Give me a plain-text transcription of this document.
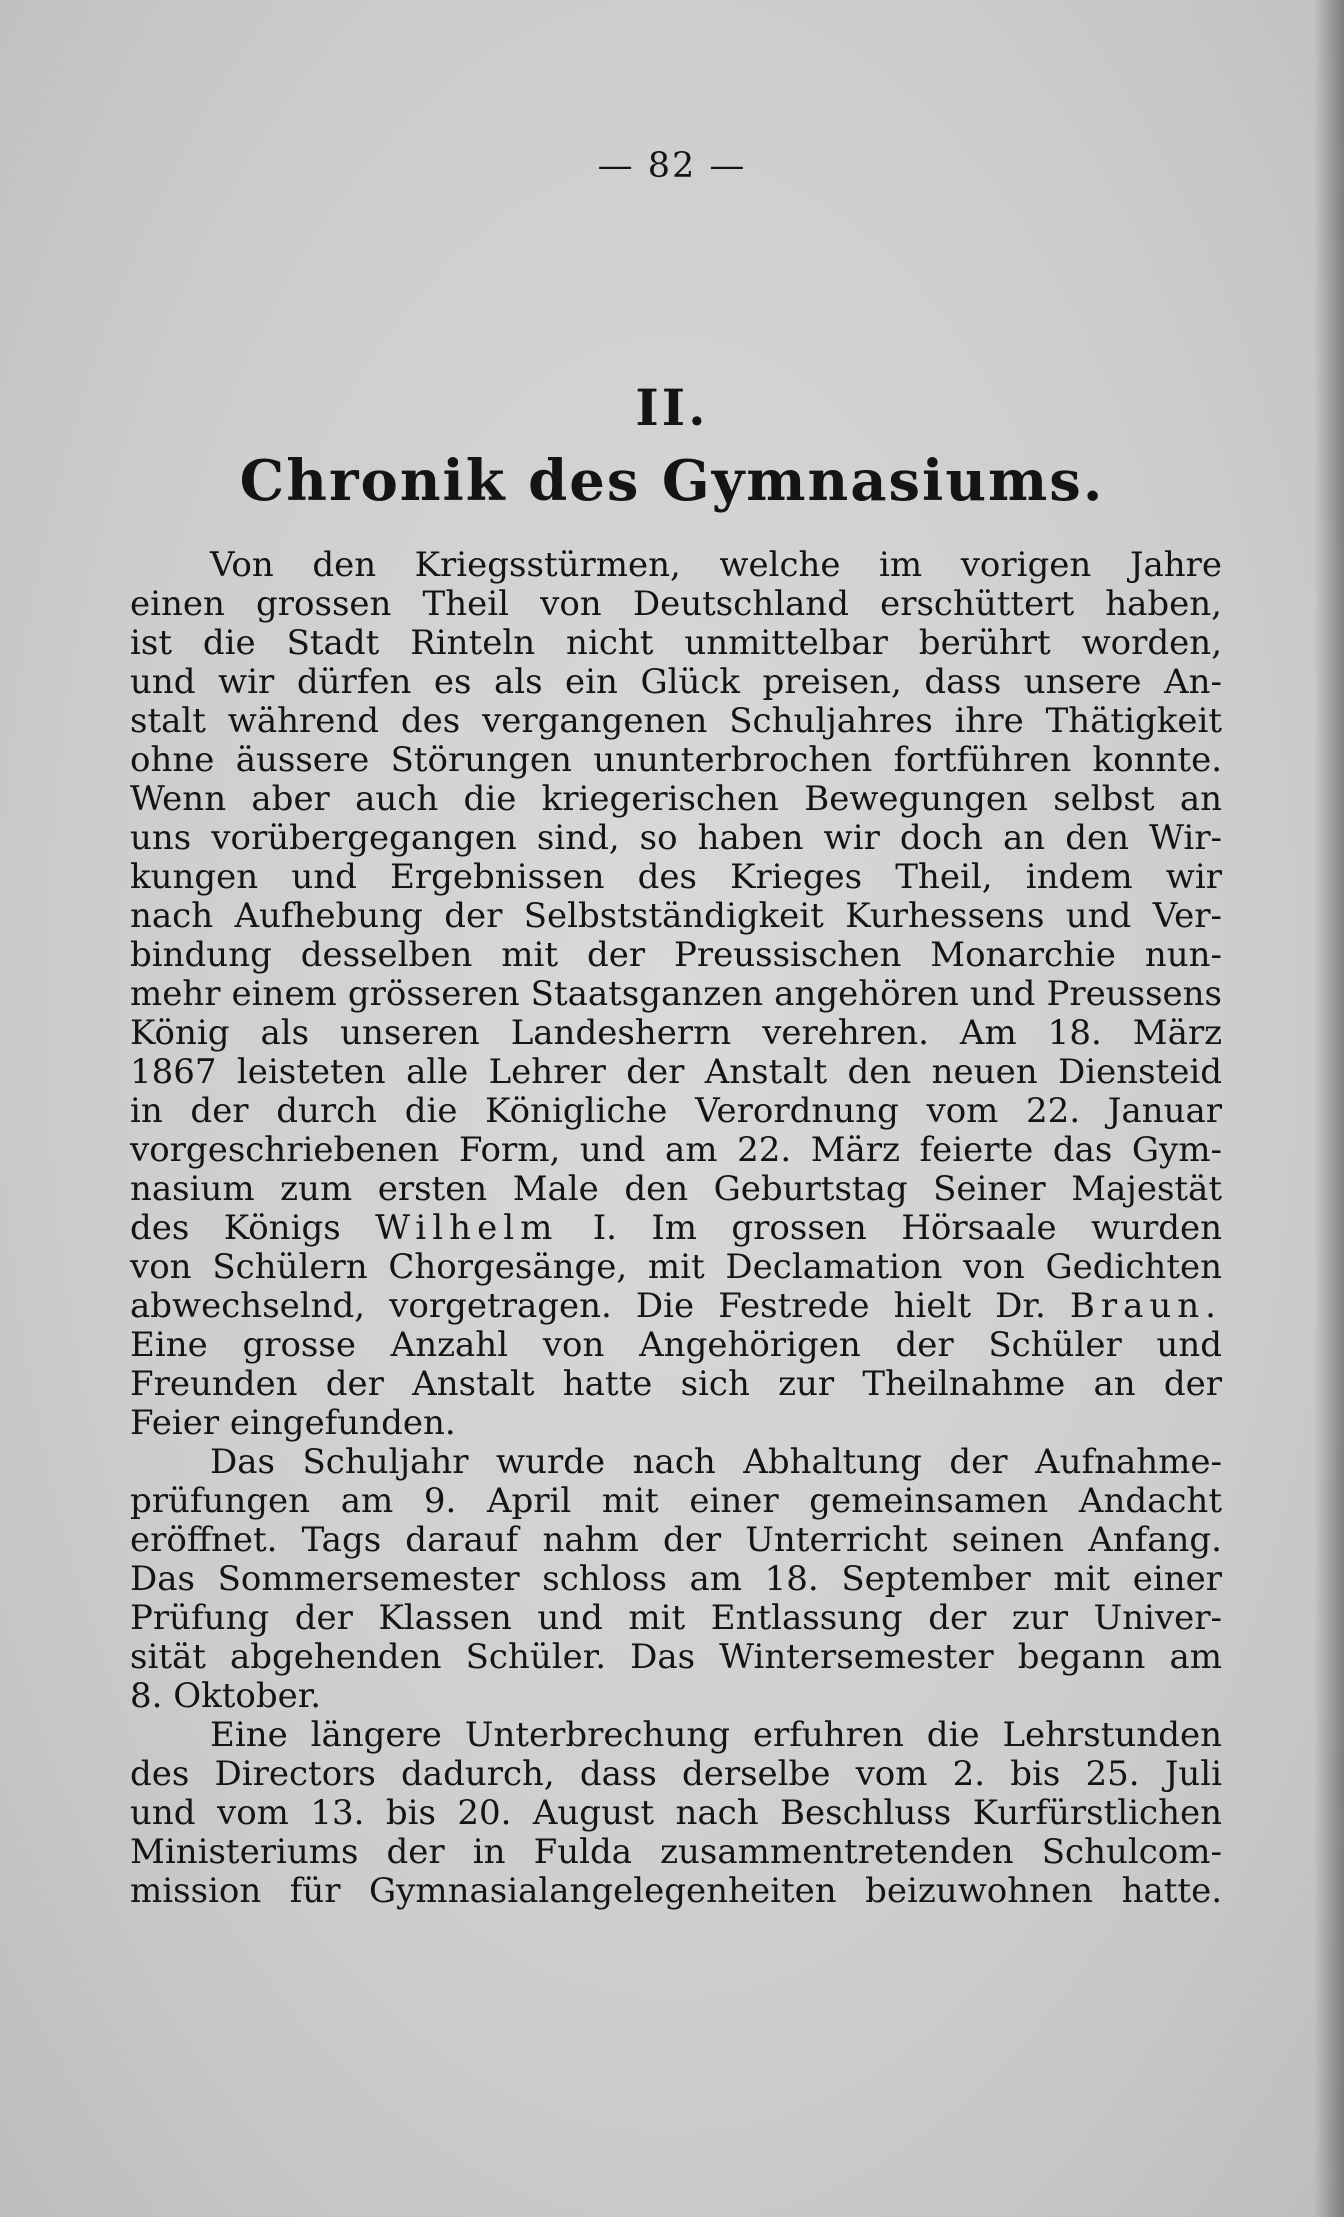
— 82 —
II.
Chronik des Gymnasiums.
Von den Kriegsstürmen, welche im vorigen Jahre
einen grossen Theil von Deutschland erschüttert haben,
ist die Stadt Rinteln nicht unmittelbar berührt worden,
und wir dürfen es als ein Glück preisen, dass unsere An-
stalt während des vergangenen Schuljahres ihre Thätigkeit
ohne äussere Störungen ununterbrochen fortführen konnte.
Wenn aber auch die kriegerischen Bewegungen selbst an
uns vorübergegangen sind, so haben wir doch an den Wir-
kungen und Ergebnissen des Krieges Theil, indem wir
nach Aufhebung der Selbstständigkeit Kurhessens und Ver-
bindung desselben mit der Preussischen Monarchie nun-
mehr einem grösseren Staatsganzen angehören und Preussens
König als unseren Landesherrn verehren. Am 18. März
1867 leisteten alle Lehrer der Anstalt den neuen Diensteid
in der durch die Königliche Verordnung vom 22. Januar
vorgeschriebenen Form, und am 22. März feierte das Gym-
nasium zum ersten Male den Geburtstag Seiner Majestät
des Königs Wilhelm I. Im grossen Hörsaale wurden
von Schülern Chorgesänge, mit Declamation von Gedichten
abwechselnd, vorgetragen. Die Festrede hielt Dr. Braun.
Eine grosse Anzahl von Angehörigen der Schüler und
Freunden der Anstalt hatte sich zur Theilnahme an der
Feier eingefunden.
Das Schuljahr wurde nach Abhaltung der Aufnahme-
prüfungen am 9. April mit einer gemeinsamen Andacht
eröffnet. Tags darauf nahm der Unterricht seinen Anfang.
Das Sommersemester schloss am 18. September mit einer
Prüfung der Klassen und mit Entlassung der zur Univer-
sität abgehenden Schüler. Das Wintersemester begann am
8. Oktober.
Eine längere Unterbrechung erfuhren die Lehrstunden
des Directors dadurch, dass derselbe vom 2. bis 25. Juli
und vom 13. bis 20. August nach Beschluss Kurfürstlichen
Ministeriums der in Fulda zusammentretenden Schulcom-
mission für Gymnasialangelegenheiten beizuwohnen hatte.
